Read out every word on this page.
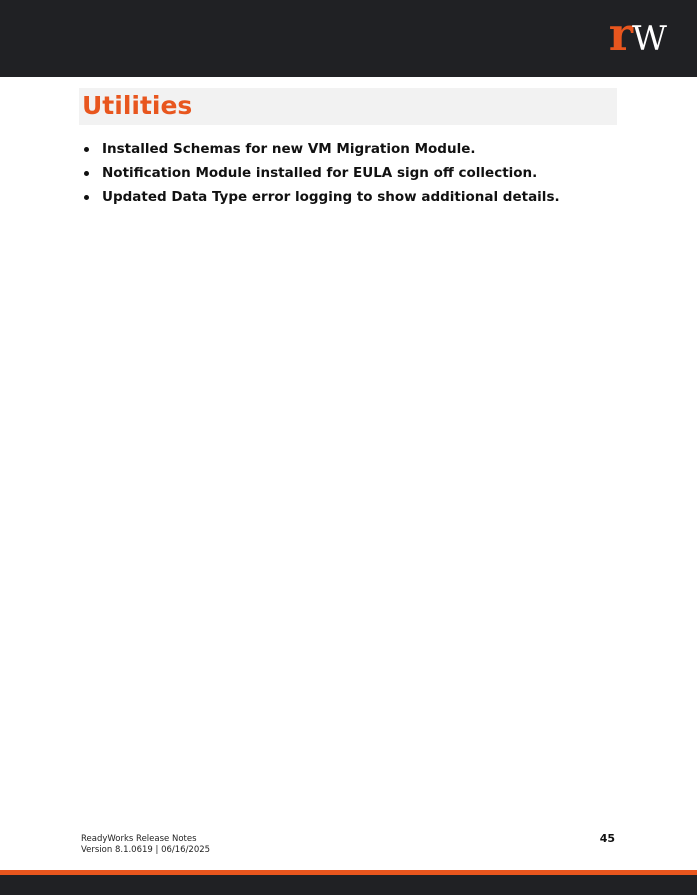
r W
Utilities
Installed Schemas for new VM Migration Module.
Notification Module installed for EULA sign off collection.
Updated Data Type error logging to show additional details.
ReadyWorks Release Notes
Version 8.1.0619 | 06/16/2025
45
